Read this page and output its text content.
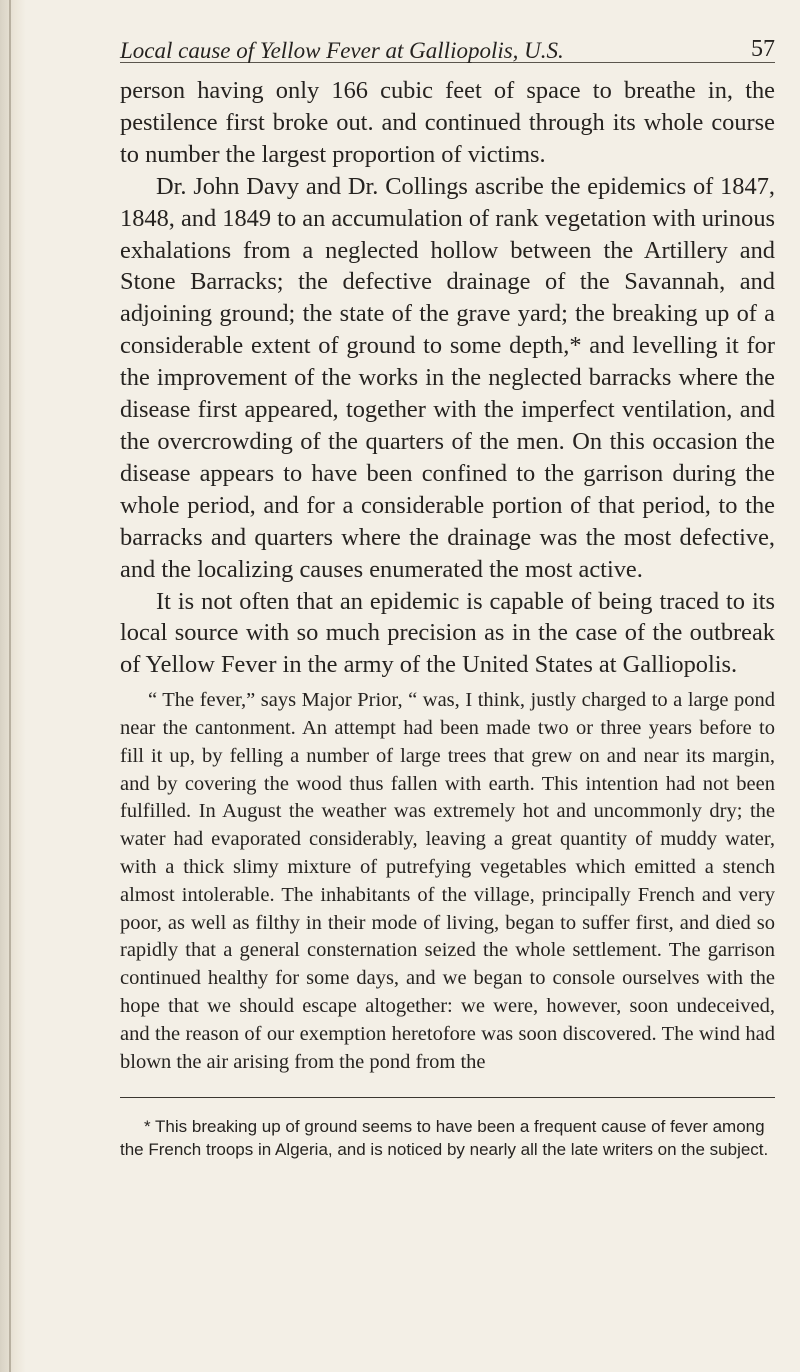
Local cause of Yellow Fever at Galliopolis, U.S.	57

person having only 166 cubic feet of space to breathe in, the pestilence first broke out. and continued through its whole course to number the largest proportion of victims.

Dr. John Davy and Dr. Collings ascribe the epidemics of 1847, 1848, and 1849 to an accumulation of rank vegetation with urinous exhalations from a neglected hollow between the Artillery and Stone Barracks; the defective drainage of the Savannah, and adjoining ground; the state of the grave yard; the breaking up of a considerable extent of ground to some depth,* and levelling it for the improvement of the works in the neglected barracks where the disease first appeared, together with the imperfect ventilation, and the overcrowding of the quarters of the men. On this occasion the disease appears to have been confined to the garrison during the whole period, and for a considerable portion of that period, to the barracks and quarters where the drainage was the most defective, and the localizing causes enumerated the most active.

It is not often that an epidemic is capable of being traced to its local source with so much precision as in the case of the outbreak of Yellow Fever in the army of the United States at Galliopolis.

“ The fever,” says Major Prior, “ was, I think, justly charged to a large pond near the cantonment. An attempt had been made two or three years before to fill it up, by felling a number of large trees that grew on and near its margin, and by covering the wood thus fallen with earth. This intention had not been fulfilled. In August the weather was extremely hot and uncommonly dry; the water had evaporated considerably, leaving a great quantity of muddy water, with a thick slimy mixture of putrefying vegetables which emitted a stench almost intolerable. The inhabitants of the village, principally French and very poor, as well as filthy in their mode of living, began to suffer first, and died so rapidly that a general consternation seized the whole settlement. The garrison continued healthy for some days, and we began to console ourselves with the hope that we should escape altogether: we were, however, soon undeceived, and the reason of our exemption heretofore was soon discovered. The wind had blown the air arising from the pond from the

* This breaking up of ground seems to have been a frequent cause of fever among the French troops in Algeria, and is noticed by nearly all the late writers on the subject.
